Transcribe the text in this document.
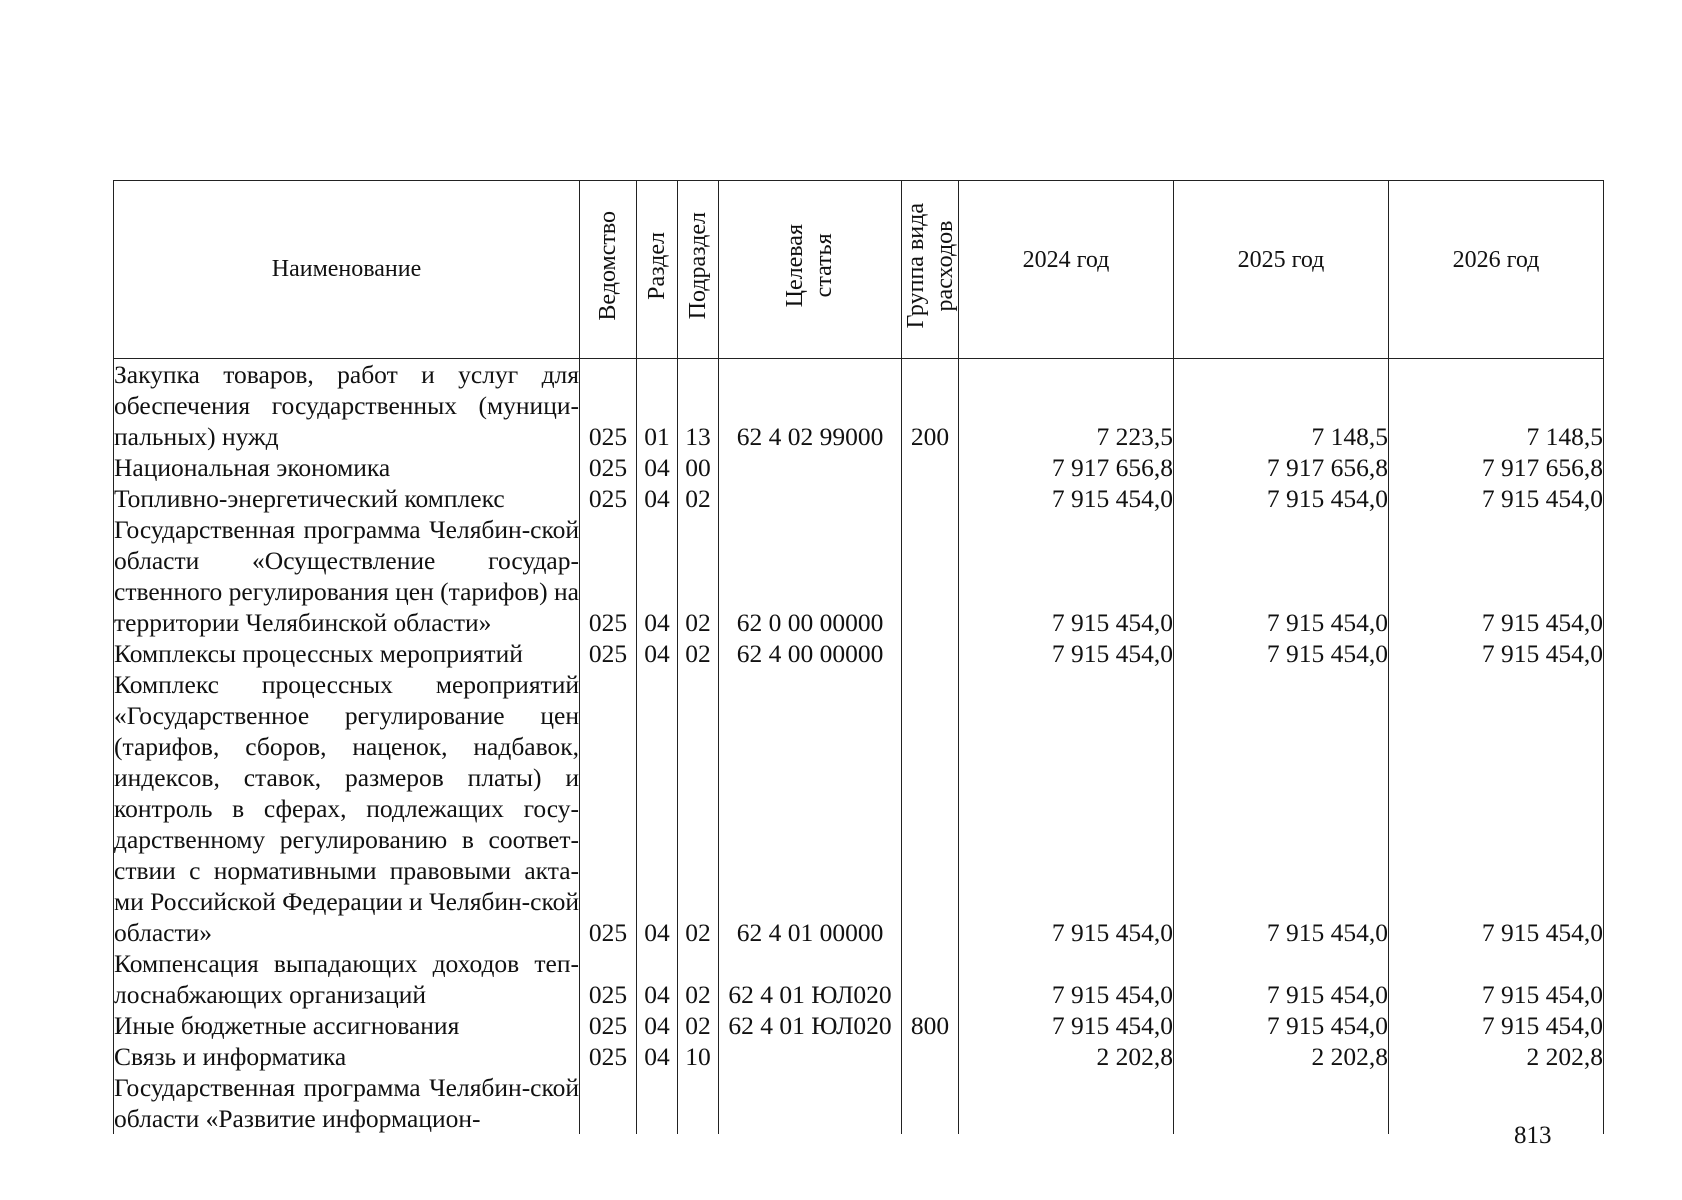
Наименование	Ведомство	Раздел	Подраздел	Целевая статья	Группа вида расходов	2024 год	2025 год	2026 год
Закупка товаров, работ и услуг для обеспечения государственных (муници-пальных) нужд	025	01	13	62 4 02 99000	200	7 223,5	7 148,5	7 148,5
Национальная экономика	025	04	00			7 917 656,8	7 917 656,8	7 917 656,8
Топливно-энергетический комплекс	025	04	02			7 915 454,0	7 915 454,0	7 915 454,0
Государственная программа Челябин-ской области «Осуществление государ-ственного регулирования цен (тарифов) на территории Челябинской области»	025	04	02	62 0 00 00000		7 915 454,0	7 915 454,0	7 915 454,0
Комплексы процессных мероприятий	025	04	02	62 4 00 00000		7 915 454,0	7 915 454,0	7 915 454,0
Комплекс процессных мероприятий «Государственное регулирование цен (тарифов, сборов, наценок, надбавок, индексов, ставок, размеров платы) и контроль в сферах, подлежащих госу-дарственному регулированию в соответ-ствии с нормативными правовыми акта-ми Российской Федерации и Челябин-ской области»	025	04	02	62 4 01 00000		7 915 454,0	7 915 454,0	7 915 454,0
Компенсация выпадающих доходов теп-лоснабжающих организаций	025	04	02	62 4 01 ЮЛ020		7 915 454,0	7 915 454,0	7 915 454,0
Иные бюджетные ассигнования	025	04	02	62 4 01 ЮЛ020	800	7 915 454,0	7 915 454,0	7 915 454,0
Связь и информатика	025	04	10			2 202,8	2 202,8	2 202,8
Государственная программа Челябин-ской области «Развитие информацион-								
813
